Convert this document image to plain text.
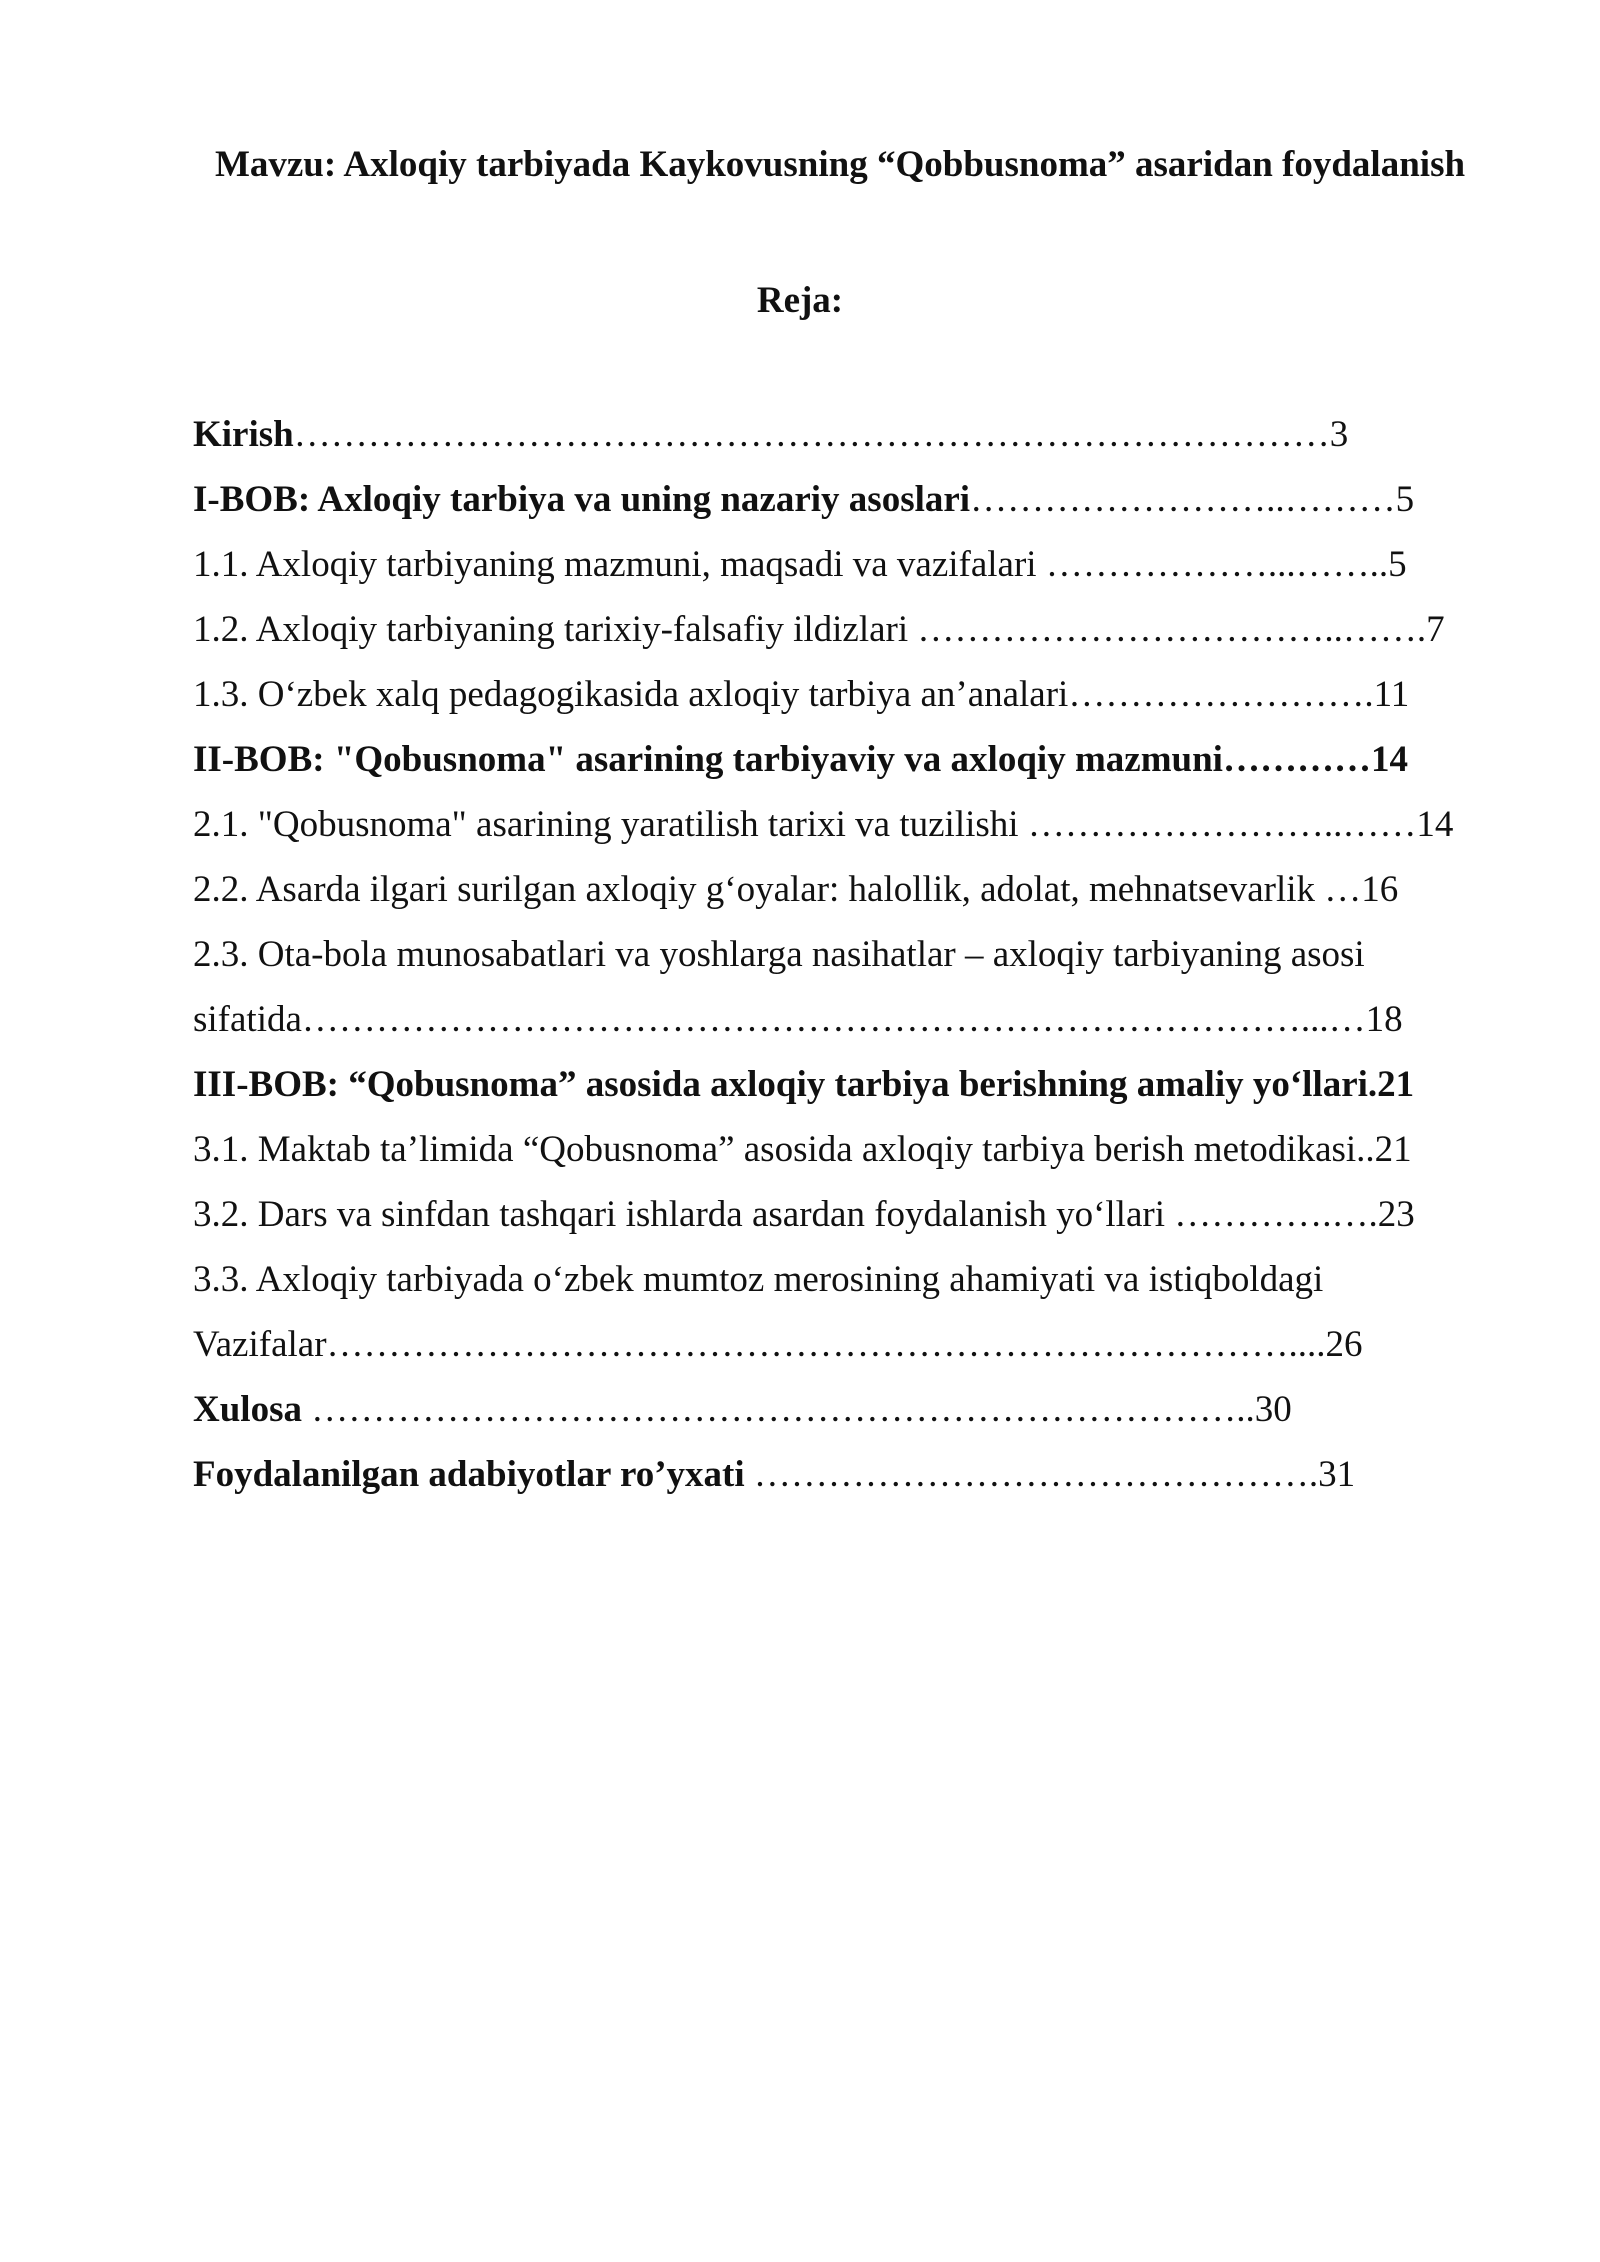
Mavzu: Axloqiy tarbiyada Kaykovusning “Qobbusnoma” asaridan foydalanish
Reja:
Kirish…………………………………………………………………………3
I-BOB: Axloqiy tarbiya va uning nazariy asoslari……………………..………5
1.1. Axloqiy tarbiyaning mazmuni, maqsadi va vazifalari ………………...……..5
1.2. Axloqiy tarbiyaning tarixiy-falsafiy ildizlari ……………………………..…….7
1.3. O‘zbek xalq pedagogikasida axloqiy tarbiya an’analari…………………….11
II-BOB: "Qobusnoma" asarining tarbiyaviy va axloqiy mazmuni…………14
2.1. "Qobusnoma" asarining yaratilish tarixi va tuzilishi ……………………..……14
2.2. Asarda ilgari surilgan axloqiy g‘oyalar: halollik, adolat, mehnatsevarlik …16
2.3. Ota-bola munosabatlari va yoshlarga nasihatlar – axloqiy tarbiyaning asosi
sifatida………………………………………………………………………...…18
III-BOB: “Qobusnoma” asosida axloqiy tarbiya berishning amaliy yo‘llari.21
3.1. Maktab ta’limida “Qobusnoma” asosida axloqiy tarbiya berish metodikasi..21
3.2. Dars va sinfdan tashqari ishlarda asardan foydalanish yo‘llari ………….….23
3.3. Axloqiy tarbiyada o‘zbek mumtoz merosining ahamiyati va istiqboldagi
Vazifalar……………………………………………………………………....26
Xulosa …………………………………………………………………..30
Foydalanilgan adabiyotlar ro’yxati ……………………………………….31
